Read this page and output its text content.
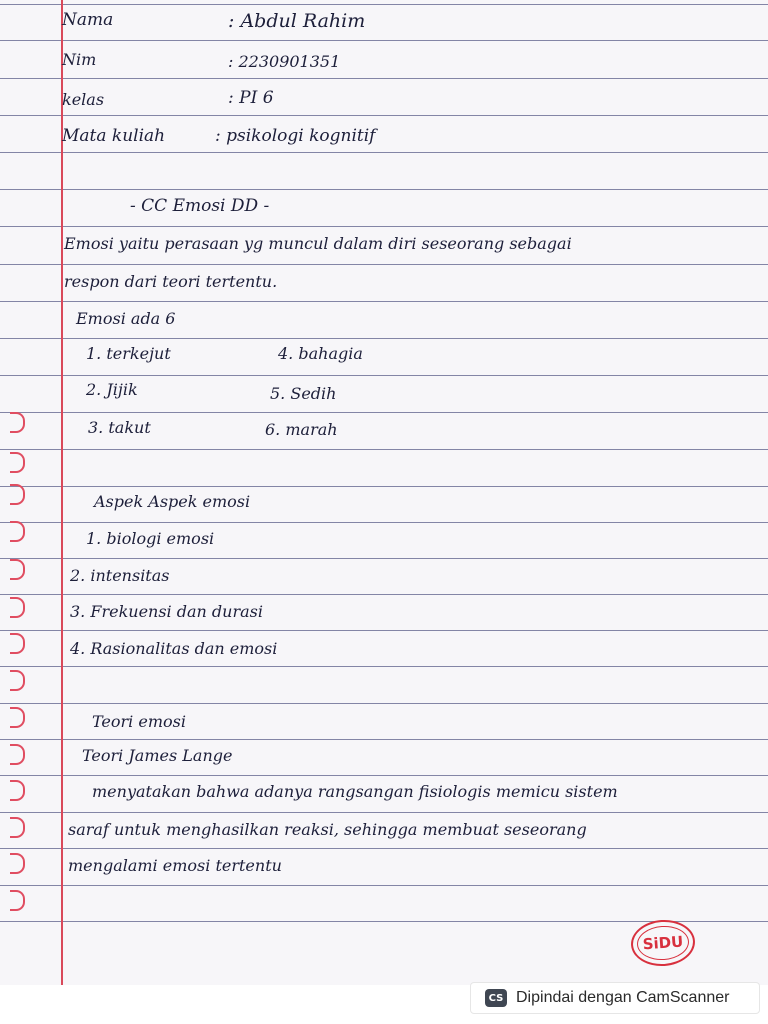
Nama	: Abdul Rahim
Nim	: 2230901351
kelas	: PI 6
Mata kuliah	: psikologi kognitif
- CC Emosi DD -
Emosi yaitu perasaan yg muncul dalam diri seseorang sebagai
respon dari teori tertentu.
Emosi ada 6
1. terkejut	4. bahagia
2. Jijik	5. Sedih
3. takut	6. marah
Aspek Aspek emosi
1. biologi emosi
2. intensitas
3. Frekuensi dan durasi
4. Rasionalitas dan emosi
Teori emosi
Teori James Lange
menyatakan bahwa adanya rangsangan fisiologis memicu sistem
saraf untuk menghasilkan reaksi, sehingga membuat seseorang
mengalami emosi tertentu
SiDU
CS Dipindai dengan CamScanner
